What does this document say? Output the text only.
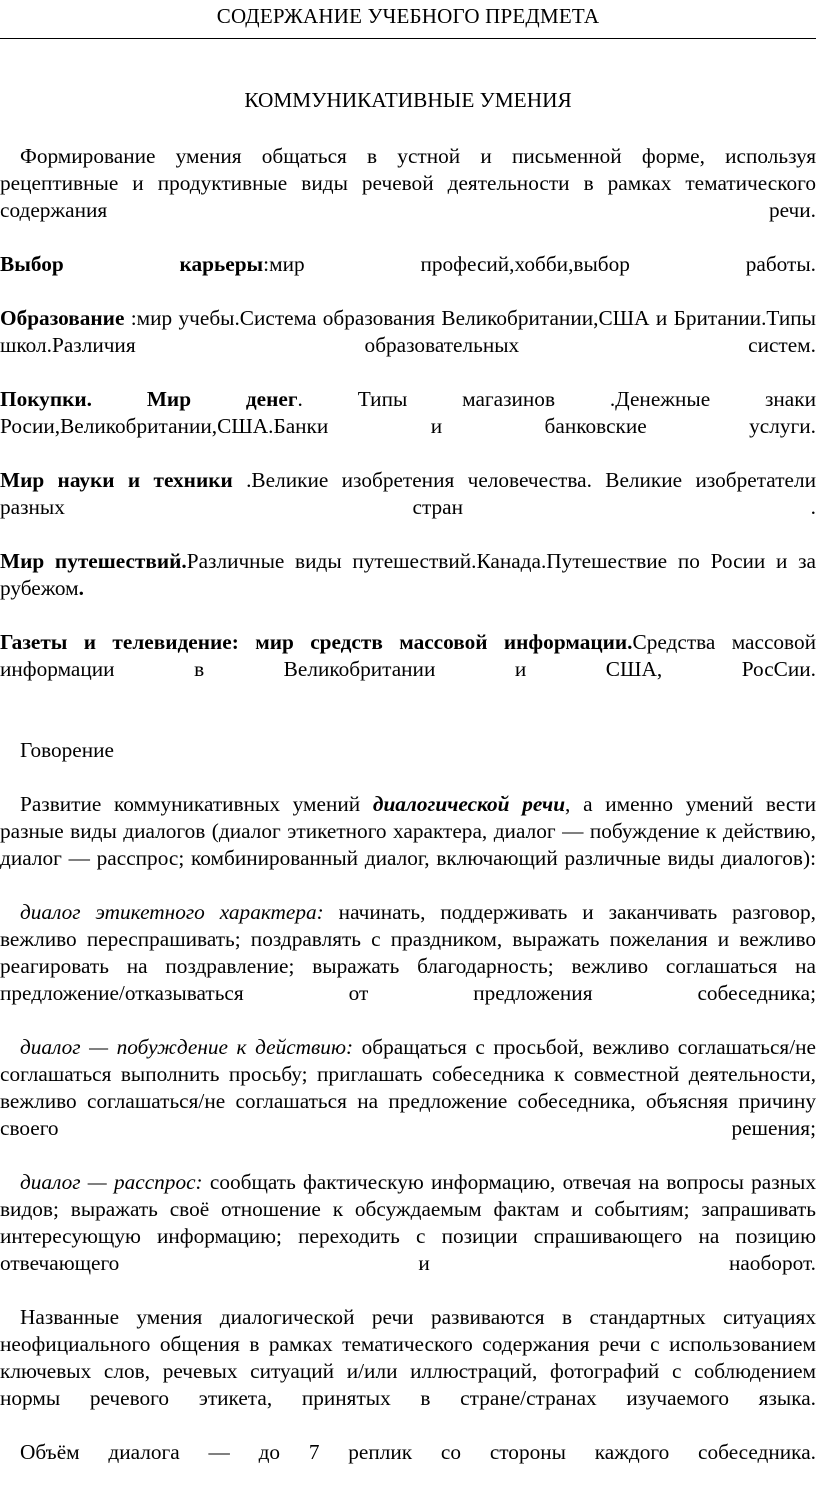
СОДЕРЖАНИЕ УЧЕБНОГО ПРЕДМЕТА
КОММУНИКАТИВНЫЕ УМЕНИЯ

Формирование умения общаться в устной и письменной форме, используя рецептивные и продуктивные виды речевой деятельности в рамках тематического содержания речи.

Выбор карьеры:мир професий,хобби,выбор работы.

Образование :мир учебы.Система образования Великобритании,США и Британии.Типы школ.Различия образовательных систем.

Покупки. Мир денег. Типы магазинов .Денежные знаки Росии,Великобритании,США.Банки и банковские услуги.

Мир науки и техники .Великие изобретения человечества. Великие изобретатели разных стран .

Мир путешествий.Различные виды путешествий.Канада.Путешествие по Росии и за рубежом.

Газеты и телевидение: мир средств массовой информации.Средства массовой информации в Великобритании и США, РосСии.

Говорение

Развитие коммуникативных умений диалогической речи, а именно умений вести разные виды диалогов (диалог этикетного характера, диалог — побуждение к действию, диалог — расспрос; комбинированный диалог, включающий различные виды диалогов):

диалог этикетного характера: начинать, поддерживать и заканчивать разговор, вежливо переспрашивать; поздравлять с праздником, выражать пожелания и вежливо реагировать на поздравление; выражать благодарность; вежливо соглашаться на предложение/отказываться от предложения собеседника;

диалог — побуждение к действию: обращаться с просьбой, вежливо соглашаться/не соглашаться выполнить просьбу; приглашать собеседника к совместной деятельности, вежливо соглашаться/не соглашаться на предложение собеседника, объясняя причину своего решения;

диалог — расспрос: сообщать фактическую информацию, отвечая на вопросы разных видов; выражать своё отношение к обсуждаемым фактам и событиям; запрашивать интересующую информацию; переходить с позиции спрашивающего на позицию отвечающего и наоборот.

Названные умения диалогической речи развиваются в стандартных ситуациях неофициального общения в рамках тематического содержания речи с использованием ключевых слов, речевых ситуаций и/или иллюстраций, фотографий с соблюдением нормы речевого этикета, принятых в стране/странах изучаемого языка.

Объём диалога — до 7 реплик со стороны каждого собеседника.
